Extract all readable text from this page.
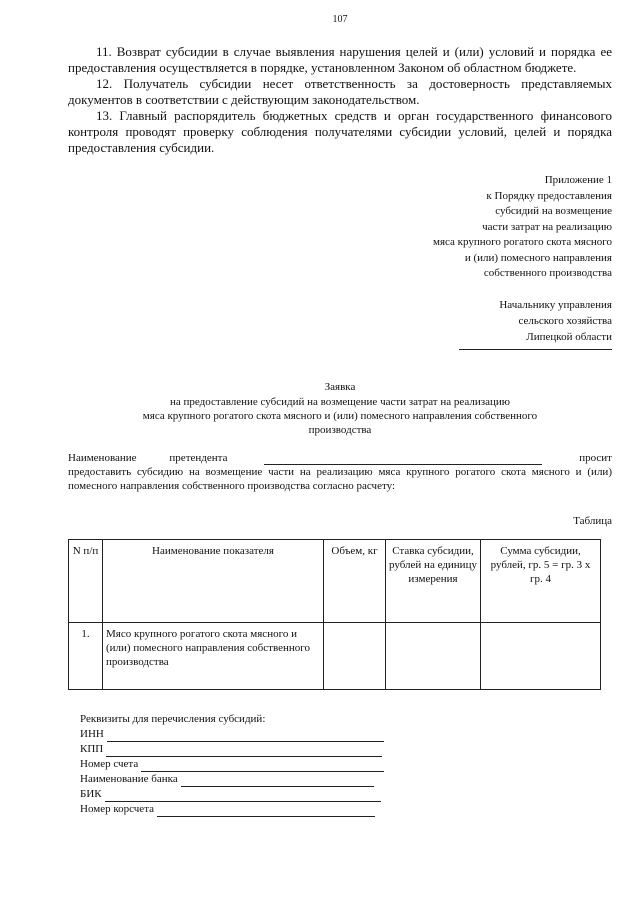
107

11. Возврат субсидии в случае выявления нарушения целей и (или) условий и порядка ее предоставления осуществляется в порядке, установленном Законом об областном бюджете.

12. Получатель субсидии несет ответственность за достоверность представляемых документов в соответствии с действующим законодательством.

13. Главный распорядитель бюджетных средств и орган государственного финансового контроля проводят проверку соблюдения получателями субсидии условий, целей и порядка предоставления субсидии.

Приложение 1
к Порядку предоставления
субсидий на возмещение
части затрат на реализацию
мяса крупного рогатого скота мясного
и (или) помесного направления
собственного производства
Начальнику управления
сельского хозяйства
Липецкой области
Заявка
на предоставление субсидий на возмещение части затрат на реализацию
мяса крупного рогатого скота мясного и (или) помесного направления собственного
производства
Наименование	претендента	просит
предоставить субсидию на возмещение части на реализацию мяса крупного рогатого скота мясного и (или) помесного направления собственного производства согласно расчету:
Таблица
N п/п	Наименование показателя	Объем, кг	Ставка субсидии, рублей на единицу измерения	Сумма субсидии, рублей, гр. 5 = гр. 3 x гр. 4
1.	Мясо крупного рогатого скота мясного и (или) помесного направления собственного производства			
Реквизиты для перечисления субсидий:
ИНН
КПП
Номер счета
Наименование банка
БИК
Номер корсчета
